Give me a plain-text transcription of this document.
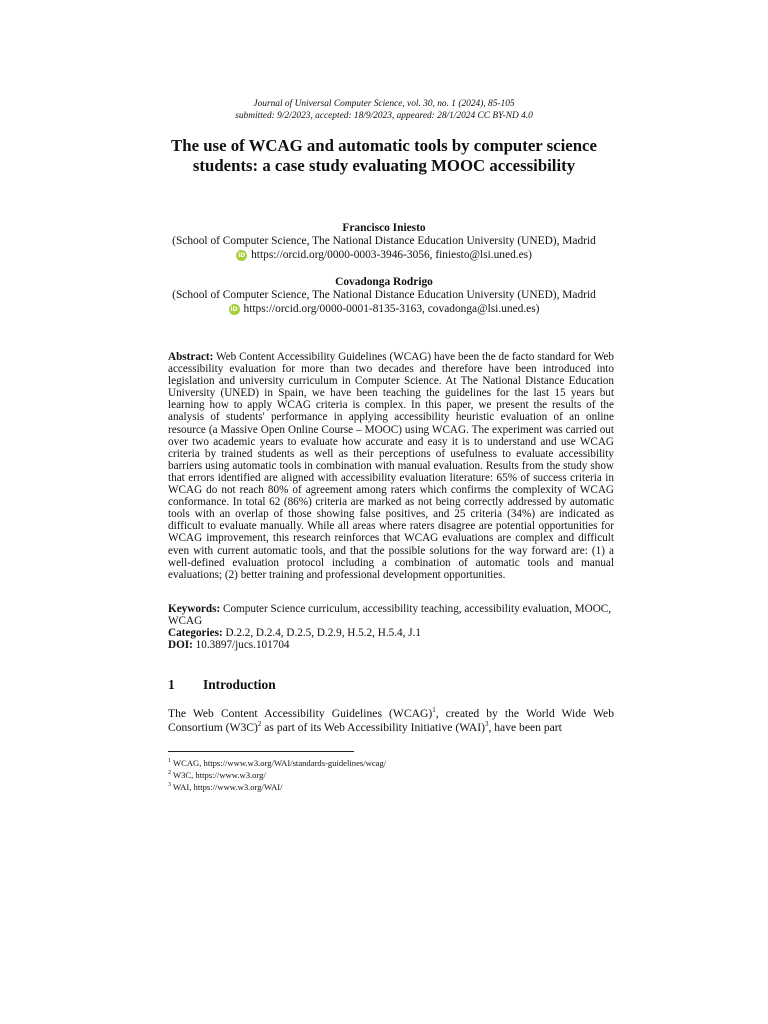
Journal of Universal Computer Science, vol. 30, no. 1 (2024), 85-105
submitted: 9/2/2023, accepted: 18/9/2023, appeared: 28/1/2024 CC BY-ND 4.0
The use of WCAG and automatic tools by computer science students: a case study evaluating MOOC accessibility
Francisco Iniesto
(School of Computer Science, The National Distance Education University (UNED), Madrid
iD https://orcid.org/0000-0003-3946-3056, finiesto@lsi.uned.es)
Covadonga Rodrigo
(School of Computer Science, The National Distance Education University (UNED), Madrid
iD https://orcid.org/0000-0001-8135-3163, covadonga@lsi.uned.es)

Abstract: Web Content Accessibility Guidelines (WCAG) have been the de facto standard for Web accessibility evaluation for more than two decades and therefore have been introduced into legislation and university curriculum in Computer Science. At The National Distance Education University (UNED) in Spain, we have been teaching the guidelines for the last 15 years but learning how to apply WCAG criteria is complex. In this paper, we present the results of the analysis of students' performance in applying accessibility heuristic evaluation of an online resource (a Massive Open Online Course – MOOC) using WCAG. The experiment was carried out over two academic years to evaluate how accurate and easy it is to understand and use WCAG criteria by trained students as well as their perceptions of usefulness to evaluate accessibility barriers using automatic tools in combination with manual evaluation. Results from the study show that errors identified are aligned with accessibility evaluation literature: 65% of success criteria in WCAG do not reach 80% of agreement among raters which confirms the complexity of WCAG conformance. In total 62 (86%) criteria are marked as not being correctly addressed by automatic tools with an overlap of those showing false positives, and 25 criteria (34%) are indicated as difficult to evaluate manually. While all areas where raters disagree are potential opportunities for WCAG improvement, this research reinforces that WCAG evaluations are complex and difficult even with current automatic tools, and that the possible solutions for the way forward are: (1) a well-defined evaluation protocol including a combination of automatic tools and manual evaluations; (2) better training and professional development opportunities.

Keywords: Computer Science curriculum, accessibility teaching, accessibility evaluation, MOOC, WCAG
Categories: D.2.2, D.2.4, D.2.5, D.2.9, H.5.2, H.5.4, J.1
DOI: 10.3897/jucs.101704
1 Introduction

The Web Content Accessibility Guidelines (WCAG)$^1$, created by the World Wide Web Consortium $(W3C)^2$ as part of its Web Accessibility Initiative (WAI)$^3$, have been part

$^1$ WCAG, https://www.w3.org/WAI/standards-guidelines/wcag/
$^2$ W3C, https://www.w3.org/
$^3$ WAI, https://www.w3.org/WAI/
